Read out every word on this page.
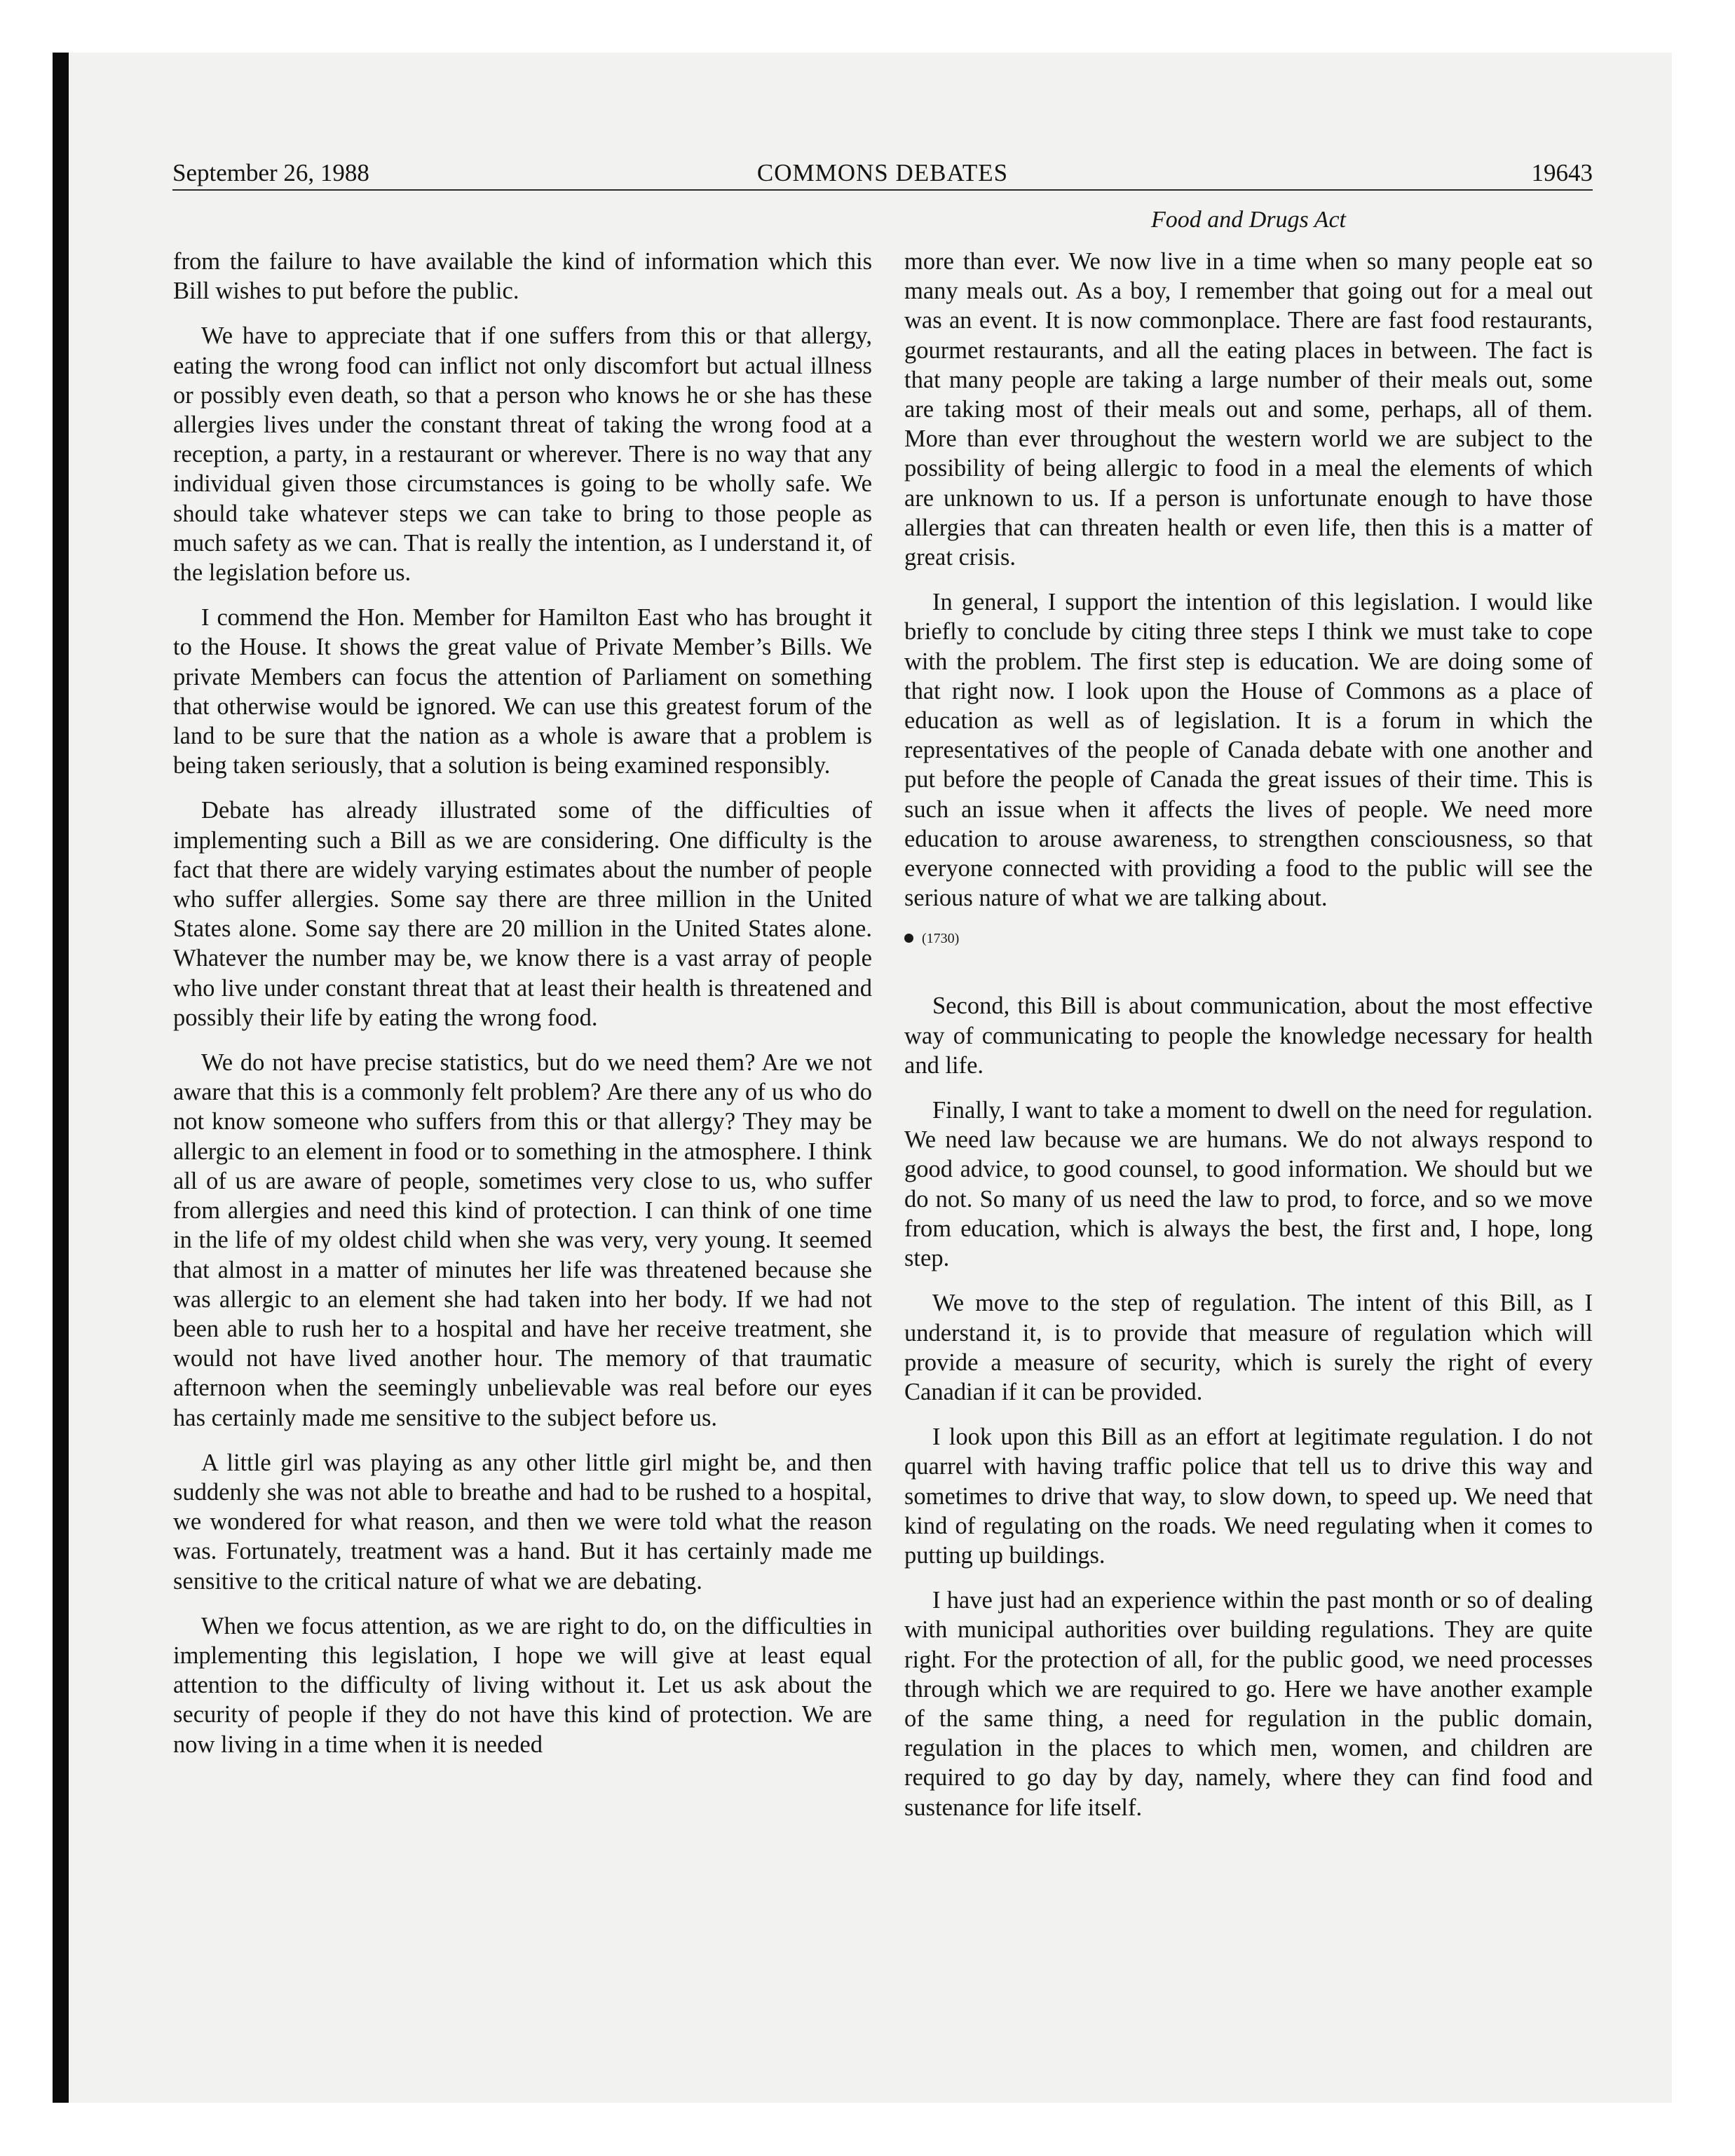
September 26, 1988	COMMONS DEBATES	19643
Food and Drugs Act

from the failure to have available the kind of information which this Bill wishes to put before the public.

We have to appreciate that if one suffers from this or that allergy, eating the wrong food can inflict not only discomfort but actual illness or possibly even death, so that a person who knows he or she has these allergies lives under the constant threat of taking the wrong food at a reception, a party, in a restaurant or wherever. There is no way that any individual given those circumstances is going to be wholly safe. We should take whatever steps we can take to bring to those people as much safety as we can. That is really the intention, as I understand it, of the legislation before us.

I commend the Hon. Member for Hamilton East who has brought it to the House. It shows the great value of Private Member’s Bills. We private Members can focus the attention of Parliament on something that otherwise would be ignored. We can use this greatest forum of the land to be sure that the nation as a whole is aware that a problem is being taken seriously, that a solution is being examined responsibly.

Debate has already illustrated some of the difficulties of implementing such a Bill as we are considering. One difficulty is the fact that there are widely varying estimates about the number of people who suffer allergies. Some say there are three million in the United States alone. Some say there are 20 million in the United States alone. Whatever the number may be, we know there is a vast array of people who live under constant threat that at least their health is threatened and possibly their life by eating the wrong food.

We do not have precise statistics, but do we need them? Are we not aware that this is a commonly felt problem? Are there any of us who do not know someone who suffers from this or that allergy? They may be allergic to an element in food or to something in the atmosphere. I think all of us are aware of people, sometimes very close to us, who suffer from allergies and need this kind of protection. I can think of one time in the life of my oldest child when she was very, very young. It seemed that almost in a matter of minutes her life was threatened because she was allergic to an element she had taken into her body. If we had not been able to rush her to a hospital and have her receive treatment, she would not have lived another hour. The memory of that traumatic afternoon when the seemingly unbelievable was real before our eyes has certainly made me sensitive to the subject before us.

A little girl was playing as any other little girl might be, and then suddenly she was not able to breathe and had to be rushed to a hospital, we wondered for what reason, and then we were told what the reason was. Fortunately, treatment was a hand. But it has certainly made me sensitive to the critical nature of what we are debating.

When we focus attention, as we are right to do, on the difficulties in implementing this legislation, I hope we will give at least equal attention to the difficulty of living without it. Let us ask about the security of people if they do not have this kind of protection. We are now living in a time when it is needed

more than ever. We now live in a time when so many people eat so many meals out. As a boy, I remember that going out for a meal out was an event. It is now commonplace. There are fast food restaurants, gourmet restaurants, and all the eating places in between. The fact is that many people are taking a large number of their meals out, some are taking most of their meals out and some, perhaps, all of them. More than ever throughout the western world we are subject to the possibility of being allergic to food in a meal the elements of which are unknown to us. If a person is unfortunate enough to have those allergies that can threaten health or even life, then this is a matter of great crisis.

In general, I support the intention of this legislation. I would like briefly to conclude by citing three steps I think we must take to cope with the problem. The first step is education. We are doing some of that right now. I look upon the House of Commons as a place of education as well as of legislation. It is a forum in which the representatives of the people of Canada debate with one another and put before the people of Canada the great issues of their time. This is such an issue when it affects the lives of people. We need more education to arouse awareness, to strengthen consciousness, so that everyone connected with providing a food to the public will see the serious nature of what we are talking about.

(1730)

Second, this Bill is about communication, about the most effective way of communicating to people the knowledge necessary for health and life.

Finally, I want to take a moment to dwell on the need for regulation. We need law because we are humans. We do not always respond to good advice, to good counsel, to good information. We should but we do not. So many of us need the law to prod, to force, and so we move from education, which is always the best, the first and, I hope, long step.

We move to the step of regulation. The intent of this Bill, as I understand it, is to provide that measure of regulation which will provide a measure of security, which is surely the right of every Canadian if it can be provided.

I look upon this Bill as an effort at legitimate regulation. I do not quarrel with having traffic police that tell us to drive this way and sometimes to drive that way, to slow down, to speed up. We need that kind of regulating on the roads. We need regulating when it comes to putting up buildings.

I have just had an experience within the past month or so of dealing with municipal authorities over building regulations. They are quite right. For the protection of all, for the public good, we need processes through which we are required to go. Here we have another example of the same thing, a need for regulation in the public domain, regulation in the places to which men, women, and children are required to go day by day, namely, where they can find food and sustenance for life itself.
